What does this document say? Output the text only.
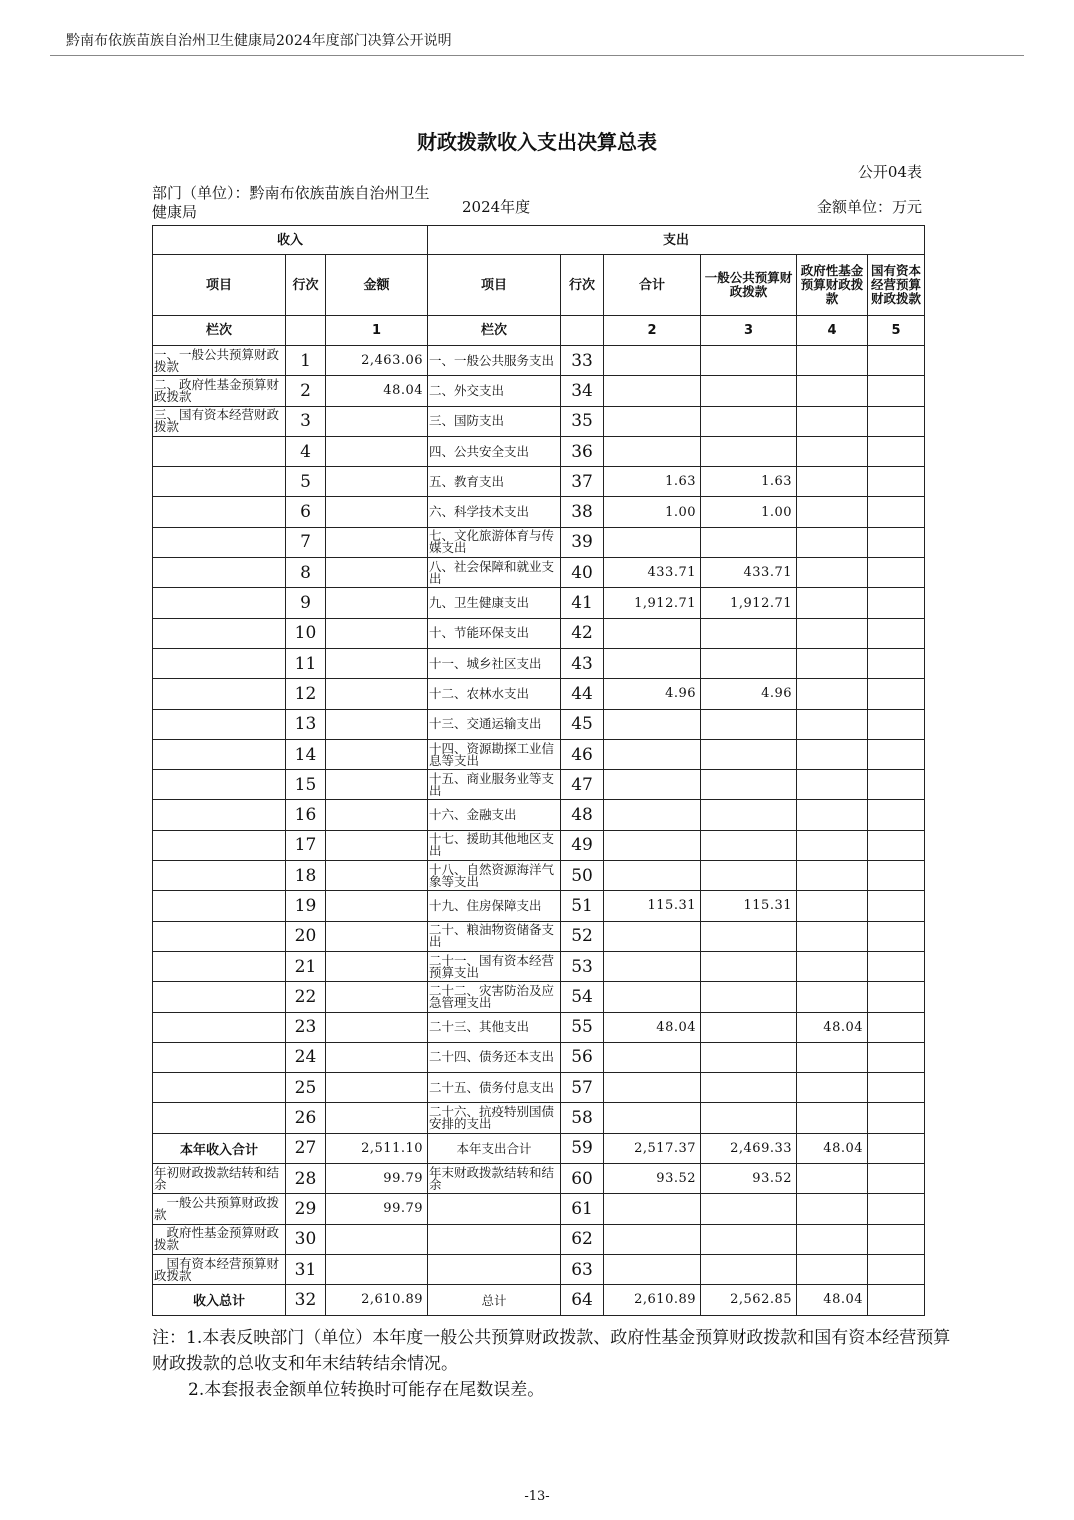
黔南布依族苗族自治州卫生健康局2024年度部门决算公开说明
财政拨款收入支出决算总表
公开04表
部门（单位）：黔南布依族苗族自治州卫生健康局	2024年度	金额单位：万元
收入			支出					
项目	行次	金额	项目	行次	合计	一般公共预算财政拨款	政府性基金预算财政拨款	国有资本经营预算财政拨款
栏次		1	栏次		2	3	4	5
一、一般公共预算财政拨款	1	2,463.06	一、一般公共服务支出	33				
二、政府性基金预算财政拨款	2	48.04	二、外交支出	34				
三、国有资本经营财政拨款	3		三、国防支出	35				
	4		四、公共安全支出	36				
	5		五、教育支出	37	1.63	1.63		
	6		六、科学技术支出	38	1.00	1.00		
	7		七、文化旅游体育与传媒支出	39				
	8		八、社会保障和就业支出	40	433.71	433.71		
	9		九、卫生健康支出	41	1,912.71	1,912.71		
	10		十、节能环保支出	42				
	11		十一、城乡社区支出	43				
	12		十二、农林水支出	44	4.96	4.96		
	13		十三、交通运输支出	45				
	14		十四、资源勘探工业信息等支出	46				
	15		十五、商业服务业等支出	47				
	16		十六、金融支出	48				
	17		十七、援助其他地区支出	49				
	18		十八、自然资源海洋气象等支出	50				
	19		十九、住房保障支出	51	115.31	115.31		
	20		二十、粮油物资储备支出	52				
	21		二十一、国有资本经营预算支出	53				
	22		二十二、灾害防治及应急管理支出	54				
	23		二十三、其他支出	55	48.04		48.04	
	24		二十四、债务还本支出	56				
	25		二十五、债务付息支出	57				
	26		二十六、抗疫特别国债安排的支出	58				
本年收入合计	27	2,511.10	本年支出合计	59	2,517.37	2,469.33	48.04	
年初财政拨款结转和结余	28	99.79	年末财政拨款结转和结余	60	93.52	93.52		
　一般公共预算财政拨款	29	99.79		61				
　政府性基金预算财政拨款	30			62				
　国有资本经营预算财政拨款	31			63				
收入总计	32	2,610.89	总计	64	2,610.89	2,562.85	48.04	

注：1.本表反映部门（单位）本年度一般公共预算财政拨款、政府性基金预算财政拨款和国有资本经营预算财政拨款的总收支和年末结转结余情况。

2.本套报表金额单位转换时可能存在尾数误差。

-13-
